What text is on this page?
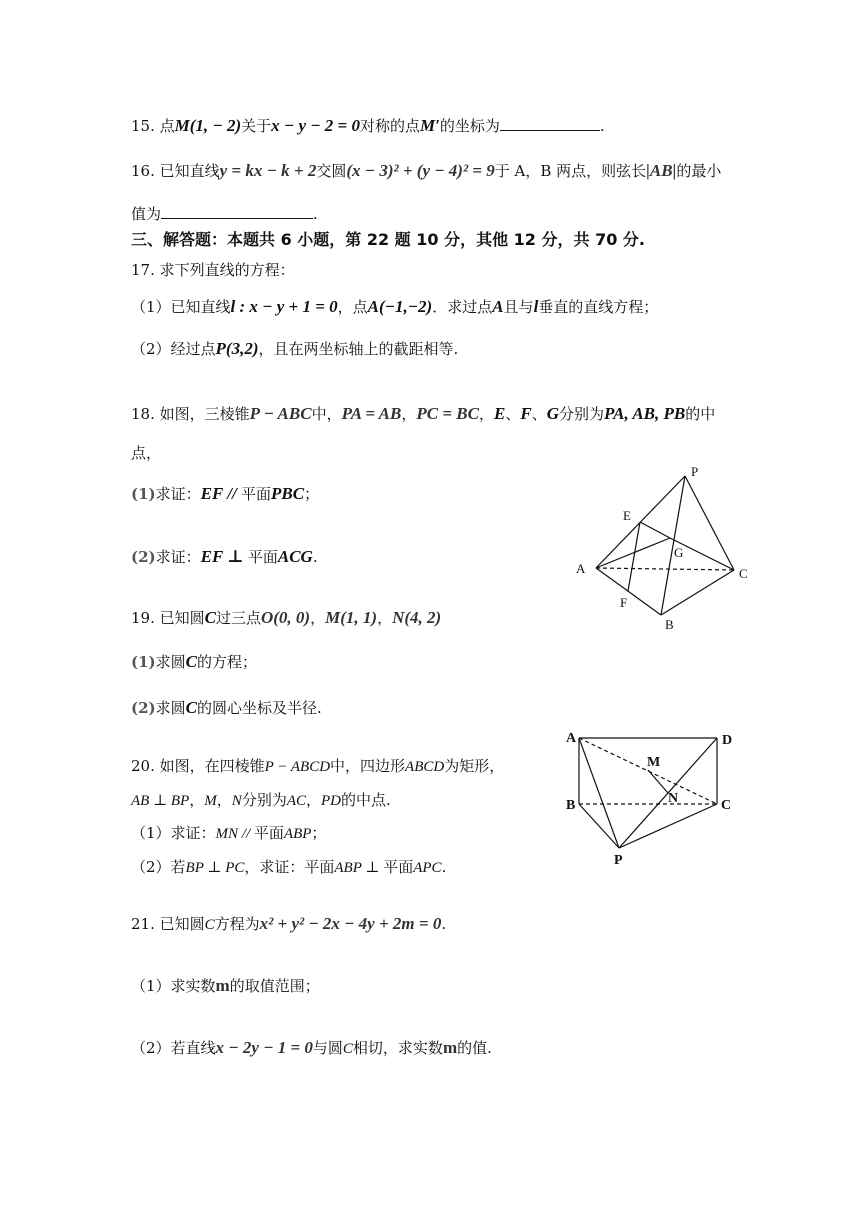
15. 点M(1, − 2)关于x − y − 2 = 0对称的点M′的坐标为	.
16. 已知直线y = kx − k + 2交圆(x − 3)² + (y − 4)² = 9于 A，B 两点，则弦长|AB|的最小
值为	.
三、解答题：本题共 6 小题，第 22 题 10 分，其他 12 分，共 70 分.
17. 求下列直线的方程：
（1）已知直线l : x − y + 1 = 0，点A(−1,−2)．求过点A且与l垂直的直线方程；
（2）经过点P(3,2)，且在两坐标轴上的截距相等.
18. 如图，三棱锥P − ABC中，PA = AB，PC = BC，E、F、G分别为PA, AB, PB的中
点，
(1)求证：EF // 平面PBC；
(2)求证：EF ⊥ 平面ACG.
P
E
G
A	C
F
B
19. 已知圆C过三点O(0, 0)，M(1, 1)，N(4, 2)
(1)求圆C的方程；
(2)求圆C的圆心坐标及半径.
20. 如图，在四棱锥P − ABCD中，四边形ABCD为矩形，
AB ⊥ BP，M，N分别为AC，PD的中点.
（1）求证：MN // 平面ABP；
（2）若BP ⊥ PC，求证：平面ABP ⊥ 平面APC.
A	D
M
B	N	C
P
21. 已知圆C方程为x² + y² − 2x − 4y + 2m = 0.
（1）求实数m的取值范围；
（2）若直线x − 2y − 1 = 0与圆C相切，求实数m的值.
